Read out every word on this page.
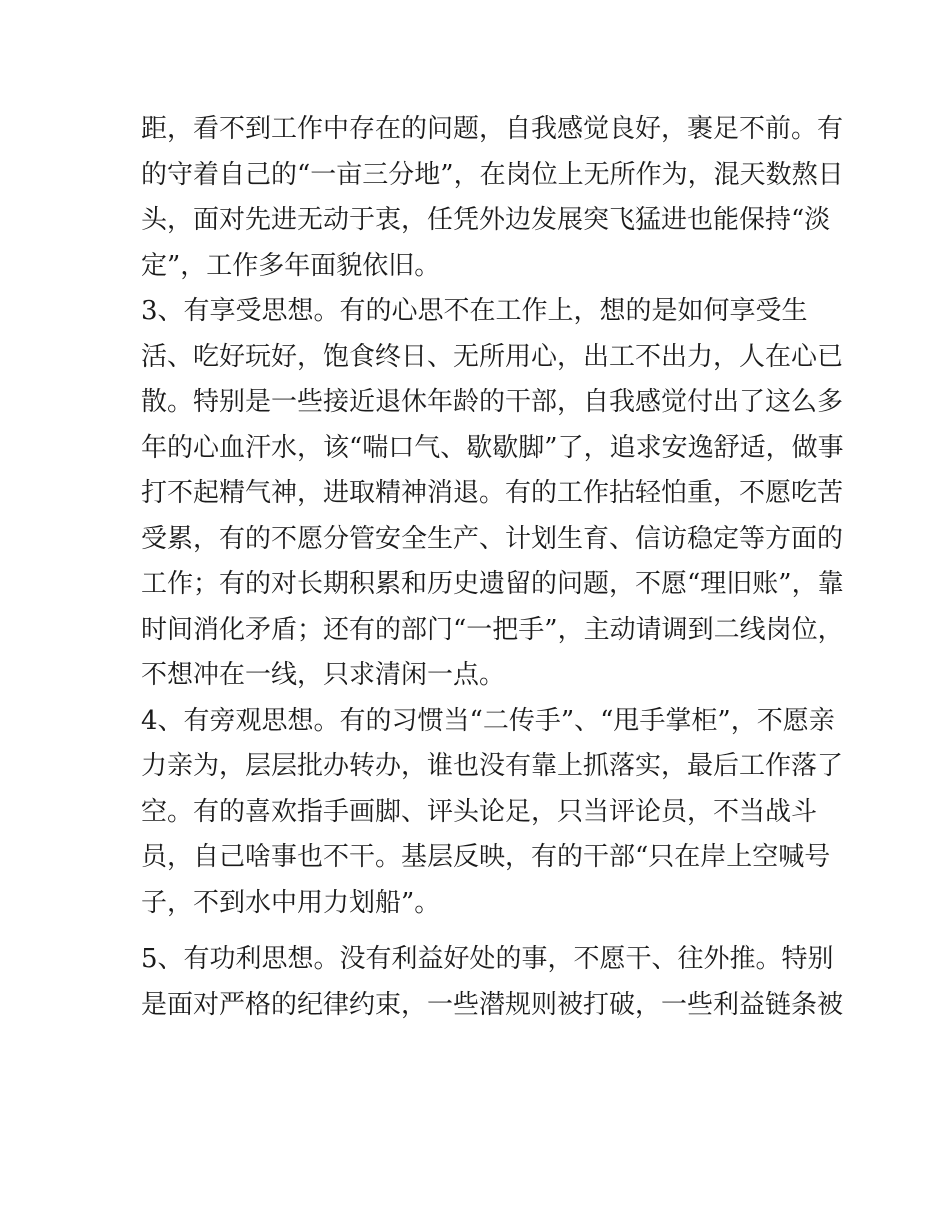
距，看不到工作中存在的问题，自我感觉良好，裹足不前。有
的守着自己的“一亩三分地”，在岗位上无所作为，混天数熬日
头，面对先进无动于衷，任凭外边发展突飞猛进也能保持“淡
定”，工作多年面貌依旧。
3、有享受思想。有的心思不在工作上，想的是如何享受生
活、吃好玩好，饱食终日、无所用心，出工不出力，人在心已
散。特别是一些接近退休年龄的干部，自我感觉付出了这么多
年的心血汗水，该“喘口气、歇歇脚”了，追求安逸舒适，做事
打不起精气神，进取精神消退。有的工作拈轻怕重，不愿吃苦
受累，有的不愿分管安全生产、计划生育、信访稳定等方面的
工作；有的对长期积累和历史遗留的问题，不愿“理旧账”，靠
时间消化矛盾；还有的部门“一把手”，主动请调到二线岗位，
不想冲在一线，只求清闲一点。
4、有旁观思想。有的习惯当“二传手”、“甩手掌柜”，不愿亲
力亲为，层层批办转办，谁也没有靠上抓落实，最后工作落了
空。有的喜欢指手画脚、评头论足，只当评论员，不当战斗
员，自己啥事也不干。基层反映，有的干部“只在岸上空喊号
子，不到水中用力划船”。
5、有功利思想。没有利益好处的事，不愿干、往外推。特别
是面对严格的纪律约束，一些潜规则被打破，一些利益链条被
